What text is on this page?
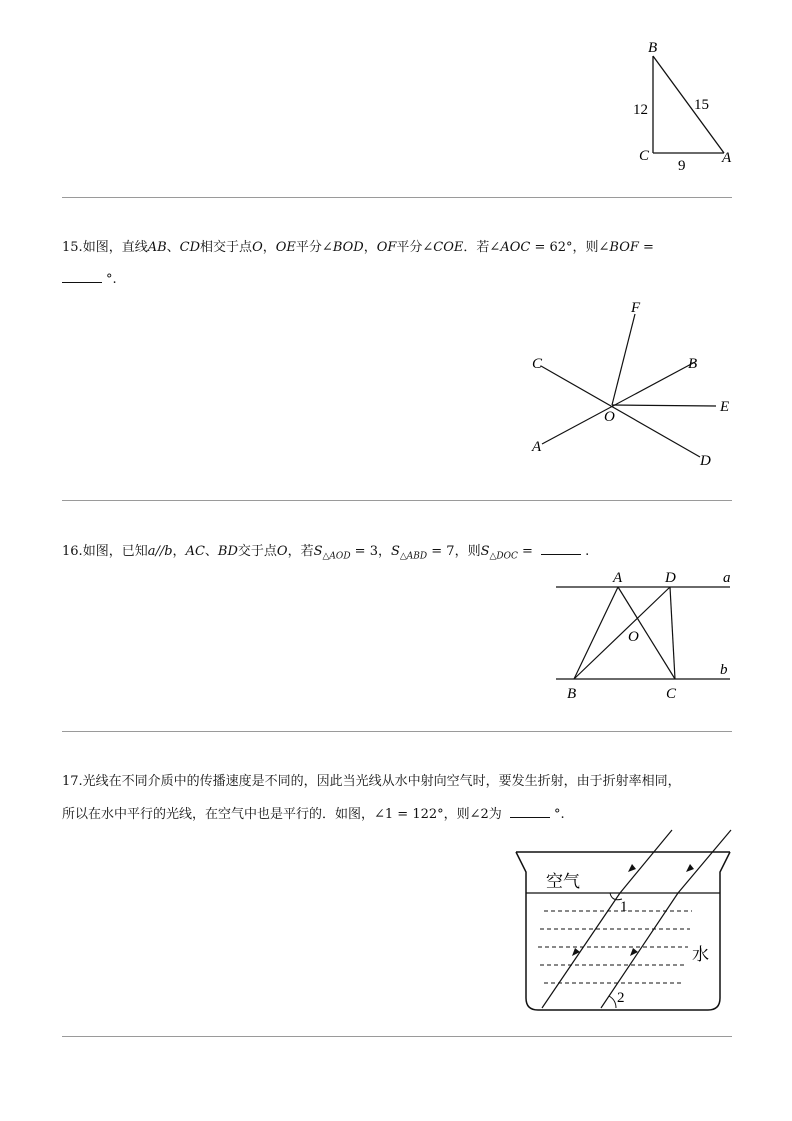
B
C	A
12	15
9
15.如图，直线AB、CD相交于点O，OE平分∠BOD，OF平分∠COE．若∠AOC = 62°，则∠BOF =
°.
F
C	B
E
O
A
D
16.如图，已知a//b，AC、BD交于点O，若$S_{\triangle AOD} = 3$，$S_{\triangle ABD} = 7$，则$S_{\triangle DOC}$ =	.
A	D	a
O
b
B	C
17.光线在不同介质中的传播速度是不同的，因此当光线从水中射向空气时，要发生折射，由于折射率相同，
所以在水中平行的光线，在空气中也是平行的．如图，∠1 = 122°，则∠2为	°.
空气
水
1
2
